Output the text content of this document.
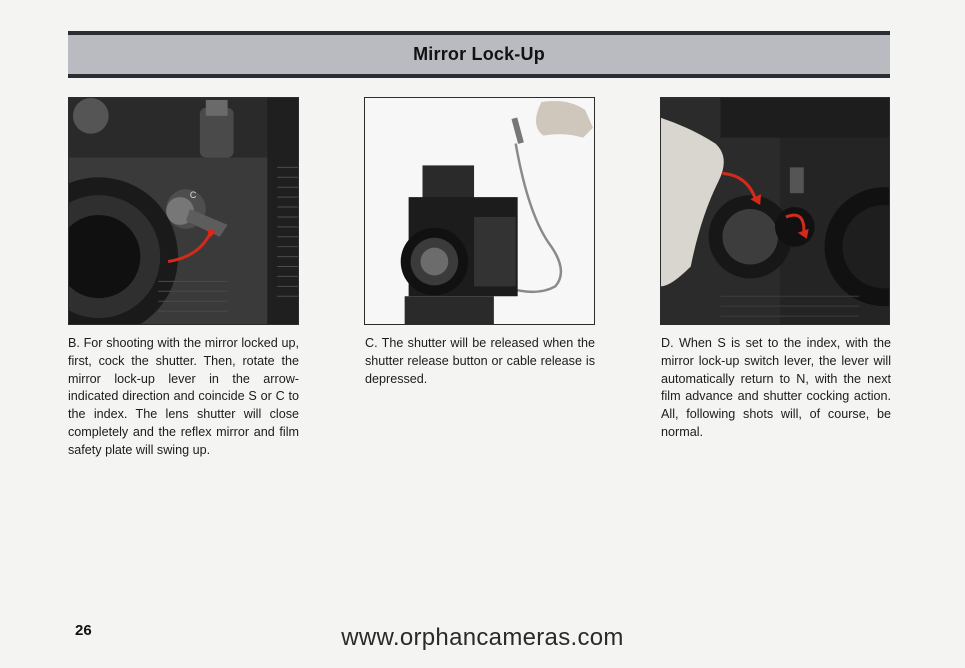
Mirror Lock-Up
C

B. For shooting with the mirror locked up, first, cock the shutter. Then, rotate the mirror lock-up lever in the arrow-indicated direction and coincide S or C to the index. The lens shutter will close completely and the reflex mirror and film safety plate will swing up.

C. The shutter will be released when the shutter release button or cable release is depressed.

D. When S is set to the index, with the mirror lock-up switch lever, the lever will automatically return to N, with the next film advance and shutter cocking action. All, following shots will, of course, be normal.

26	www.orphancameras.com
